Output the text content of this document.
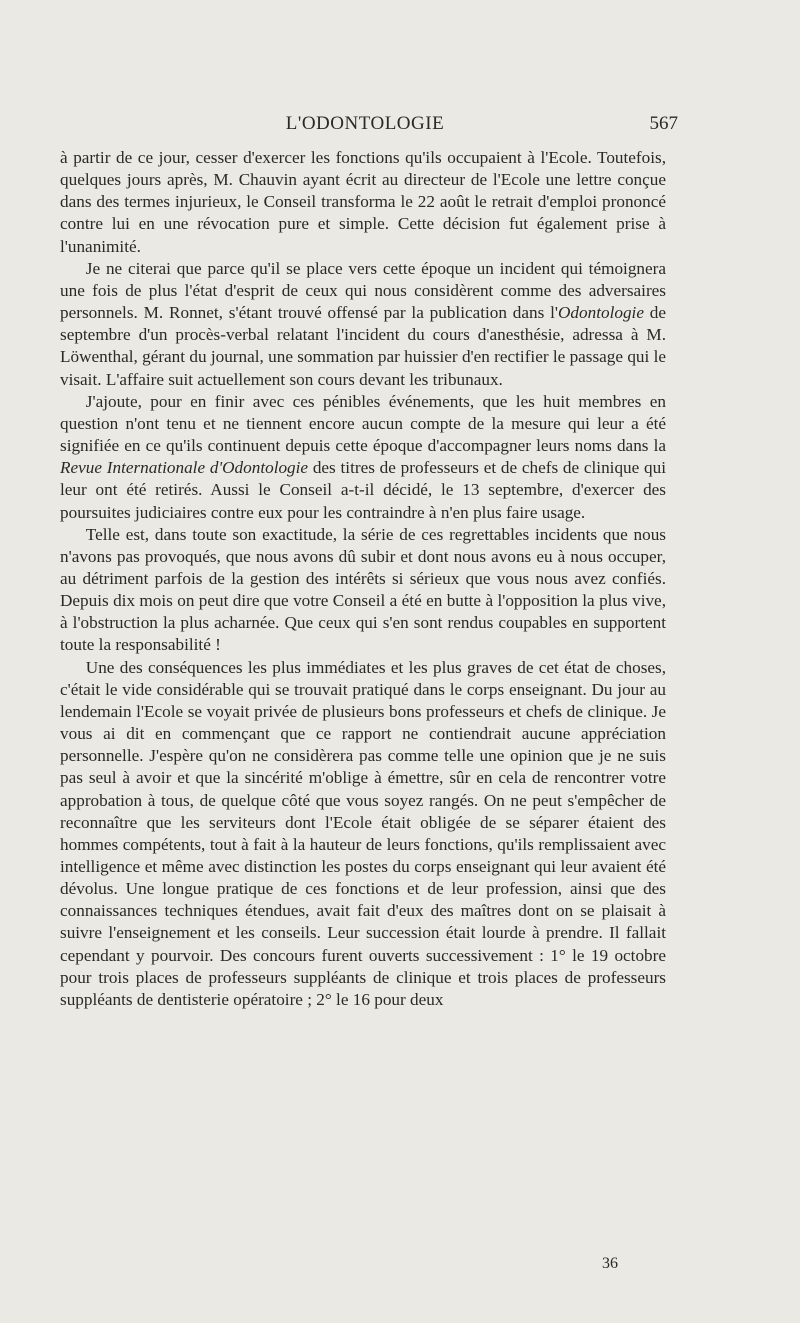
L'ODONTOLOGIE	567

à partir de ce jour, cesser d'exercer les fonctions qu'ils occupaient à l'Ecole. Toutefois, quelques jours après, M. Chauvin ayant écrit au directeur de l'Ecole une lettre conçue dans des termes injurieux, le Conseil transforma le 22 août le retrait d'emploi prononcé contre lui en une révocation pure et simple. Cette décision fut également prise à l'unanimité.

Je ne citerai que parce qu'il se place vers cette époque un incident qui témoignera une fois de plus l'état d'esprit de ceux qui nous considèrent comme des adversaires personnels. M. Ronnet, s'étant trouvé offensé par la publication dans l'Odontologie de septembre d'un procès-verbal relatant l'incident du cours d'anesthésie, adressa à M. Löwenthal, gérant du journal, une sommation par huissier d'en rectifier le passage qui le visait. L'affaire suit actuellement son cours devant les tribunaux.

J'ajoute, pour en finir avec ces pénibles événements, que les huit membres en question n'ont tenu et ne tiennent encore aucun compte de la mesure qui leur a été signifiée en ce qu'ils continuent depuis cette époque d'accompagner leurs noms dans la Revue Internationale d'Odontologie des titres de professeurs et de chefs de clinique qui leur ont été retirés. Aussi le Conseil a-t-il décidé, le 13 septembre, d'exercer des poursuites judiciaires contre eux pour les contraindre à n'en plus faire usage.

Telle est, dans toute son exactitude, la série de ces regrettables incidents que nous n'avons pas provoqués, que nous avons dû subir et dont nous avons eu à nous occuper, au détriment parfois de la gestion des intérêts si sérieux que vous nous avez confiés. Depuis dix mois on peut dire que votre Conseil a été en butte à l'opposition la plus vive, à l'obstruction la plus acharnée. Que ceux qui s'en sont rendus coupables en supportent toute la responsabilité !

Une des conséquences les plus immédiates et les plus graves de cet état de choses, c'était le vide considérable qui se trouvait pratiqué dans le corps enseignant. Du jour au lendemain l'Ecole se voyait privée de plusieurs bons professeurs et chefs de clinique. Je vous ai dit en commençant que ce rapport ne contiendrait aucune appréciation personnelle. J'espère qu'on ne considèrera pas comme telle une opinion que je ne suis pas seul à avoir et que la sincérité m'oblige à émettre, sûr en cela de rencontrer votre approbation à tous, de quelque côté que vous soyez rangés. On ne peut s'empêcher de reconnaître que les serviteurs dont l'Ecole était obligée de se séparer étaient des hommes compétents, tout à fait à la hauteur de leurs fonctions, qu'ils remplissaient avec intelligence et même avec distinction les postes du corps enseignant qui leur avaient été dévolus. Une longue pratique de ces fonctions et de leur profession, ainsi que des connaissances techniques étendues, avait fait d'eux des maîtres dont on se plaisait à suivre l'enseignement et les conseils. Leur succession était lourde à prendre. Il fallait cependant y pourvoir. Des concours furent ouverts successivement : 1° le 19 octobre pour trois places de professeurs suppléants de clinique et trois places de professeurs suppléants de dentisterie opératoire ; 2° le 16 pour deux

36
